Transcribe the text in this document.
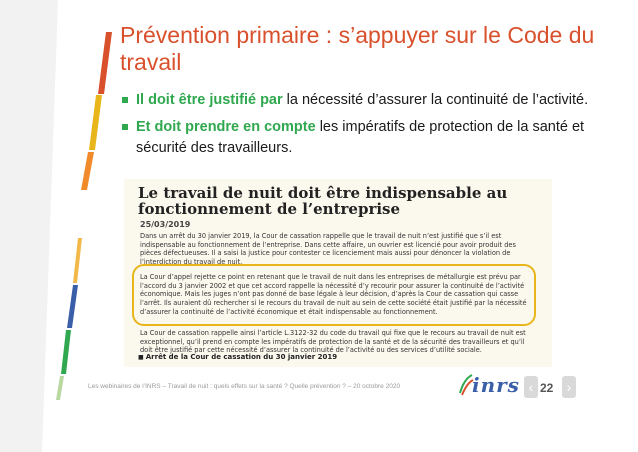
Prévention primaire : s’appuyer sur le Code du travail
Il doit être justifié par la nécessité d’assurer la continuité de l’activité.
Et doit prendre en compte les impératifs de protection de la santé et sécurité des travailleurs.
Le travail de nuit doit être indispensable au fonctionnement de l’entreprise
25/03/2019

Dans un arrêt du 30 janvier 2019, la Cour de cassation rappelle que le travail de nuit n’est justifié que s’il est indispensable au fonctionnement de l’entreprise. Dans cette affaire, un ouvrier est licencié pour avoir produit des pièces défectueuses. Il a saisi la justice pour contester ce licenciement mais aussi pour dénoncer la violation de l’interdiction du travail de nuit.

La Cour d’appel rejette ce point en retenant que le travail de nuit dans les entreprises de métallurgie est prévu par l’accord du 3 janvier 2002 et que cet accord rappelle la nécessité d’y recourir pour assurer la continuité de l’activité économique. Mais les juges n’ont pas donné de base légale à leur décision, d’après la Cour de cassation qui casse l’arrêt. Ils auraient dû rechercher si le recours du travail de nuit au sein de cette société était justifié par la nécessité d’assurer la continuité de l’activité économique et était indispensable au fonctionnement.

La Cour de cassation rappelle ainsi l’article L.3122-32 du code du travail qui fixe que le recours au travail de nuit est exceptionnel, qu’il prend en compte les impératifs de protection de la santé et de la sécurité des travailleurs et qu’il doit être justifié par cette nécessité d’assurer la continuité de l’activité ou des services d’utilité sociale.

■ Arrêt de la Cour de cassation du 30 janvier 2019
Les webinaires de l’INRS – Travail de nuit : quels effets sur la santé ? Quelle prévention ? – 20 octobre 2020	inrs ‹ 22 ›
